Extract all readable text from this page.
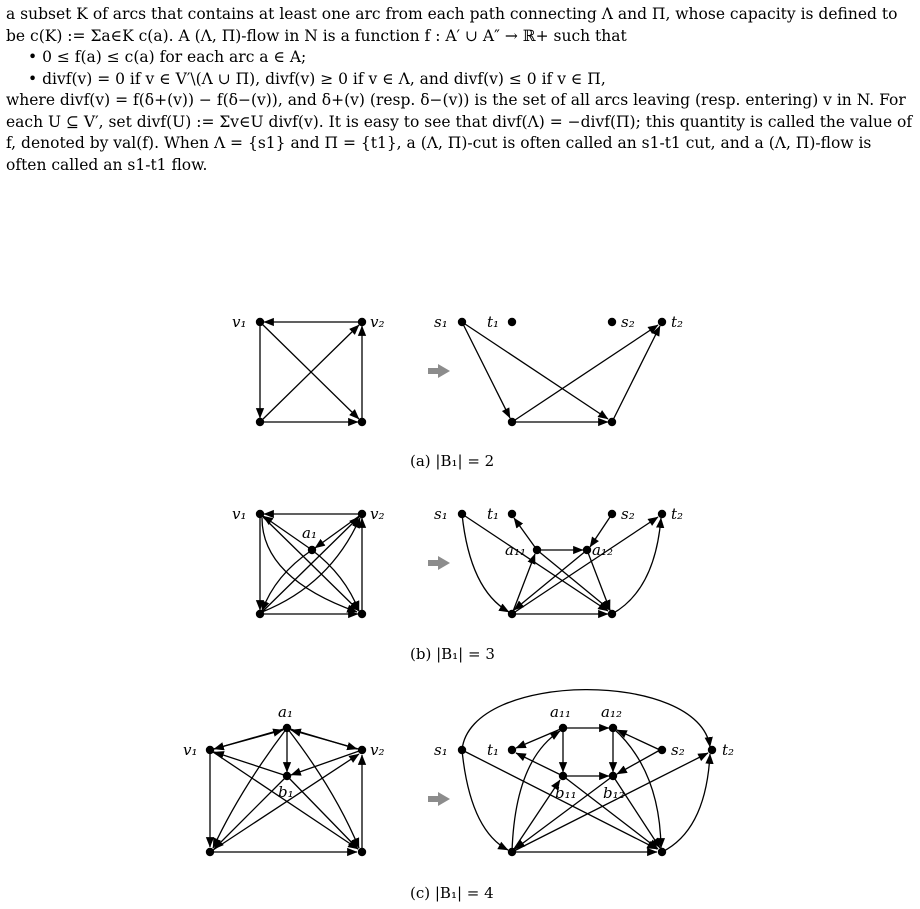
a subset K of arcs that contains at least one arc from each path connecting Λ and Π, whose capacity is defined to be c(K) := Σa∈K c(a). A (Λ, Π)-flow in N is a function f : A′ ∪ A″ → ℝ+ such that

• 0 ≤ f(a) ≤ c(a) for each arc a ∈ A;

• divf(v) = 0 if v ∈ V′\(Λ ∪ Π), divf(v) ≥ 0 if v ∈ Λ, and divf(v) ≤ 0 if v ∈ Π,

where divf(v) = f(δ+(v)) − f(δ−(v)), and δ+(v) (resp. δ−(v)) is the set of all arcs leaving (resp. entering) v in N. For each U ⊆ V′, set divf(U) := Σv∈U divf(v). It is easy to see that divf(Λ) = −divf(Π); this quantity is called the value of f, denoted by val(f). When Λ = {s1} and Π = {t1}, a (Λ, Π)-cut is often called an s1-t1 cut, and a (Λ, Π)-flow is often called an s1-t1 flow.

v₁	v₂	s₁	t₁	s₂ t₂
(a) |B₁| = 2
v₁	v₂
a₁
s₁	t₁	s₂ t₂
a₁₁	a₁₂
(b) |B₁| = 3
a₁
v₁	v₂
b₁
s₁	t₁
a₁₁ a₁₂
b₁₁ b₁₂
s₂ t₂
(c) |B₁| = 4
